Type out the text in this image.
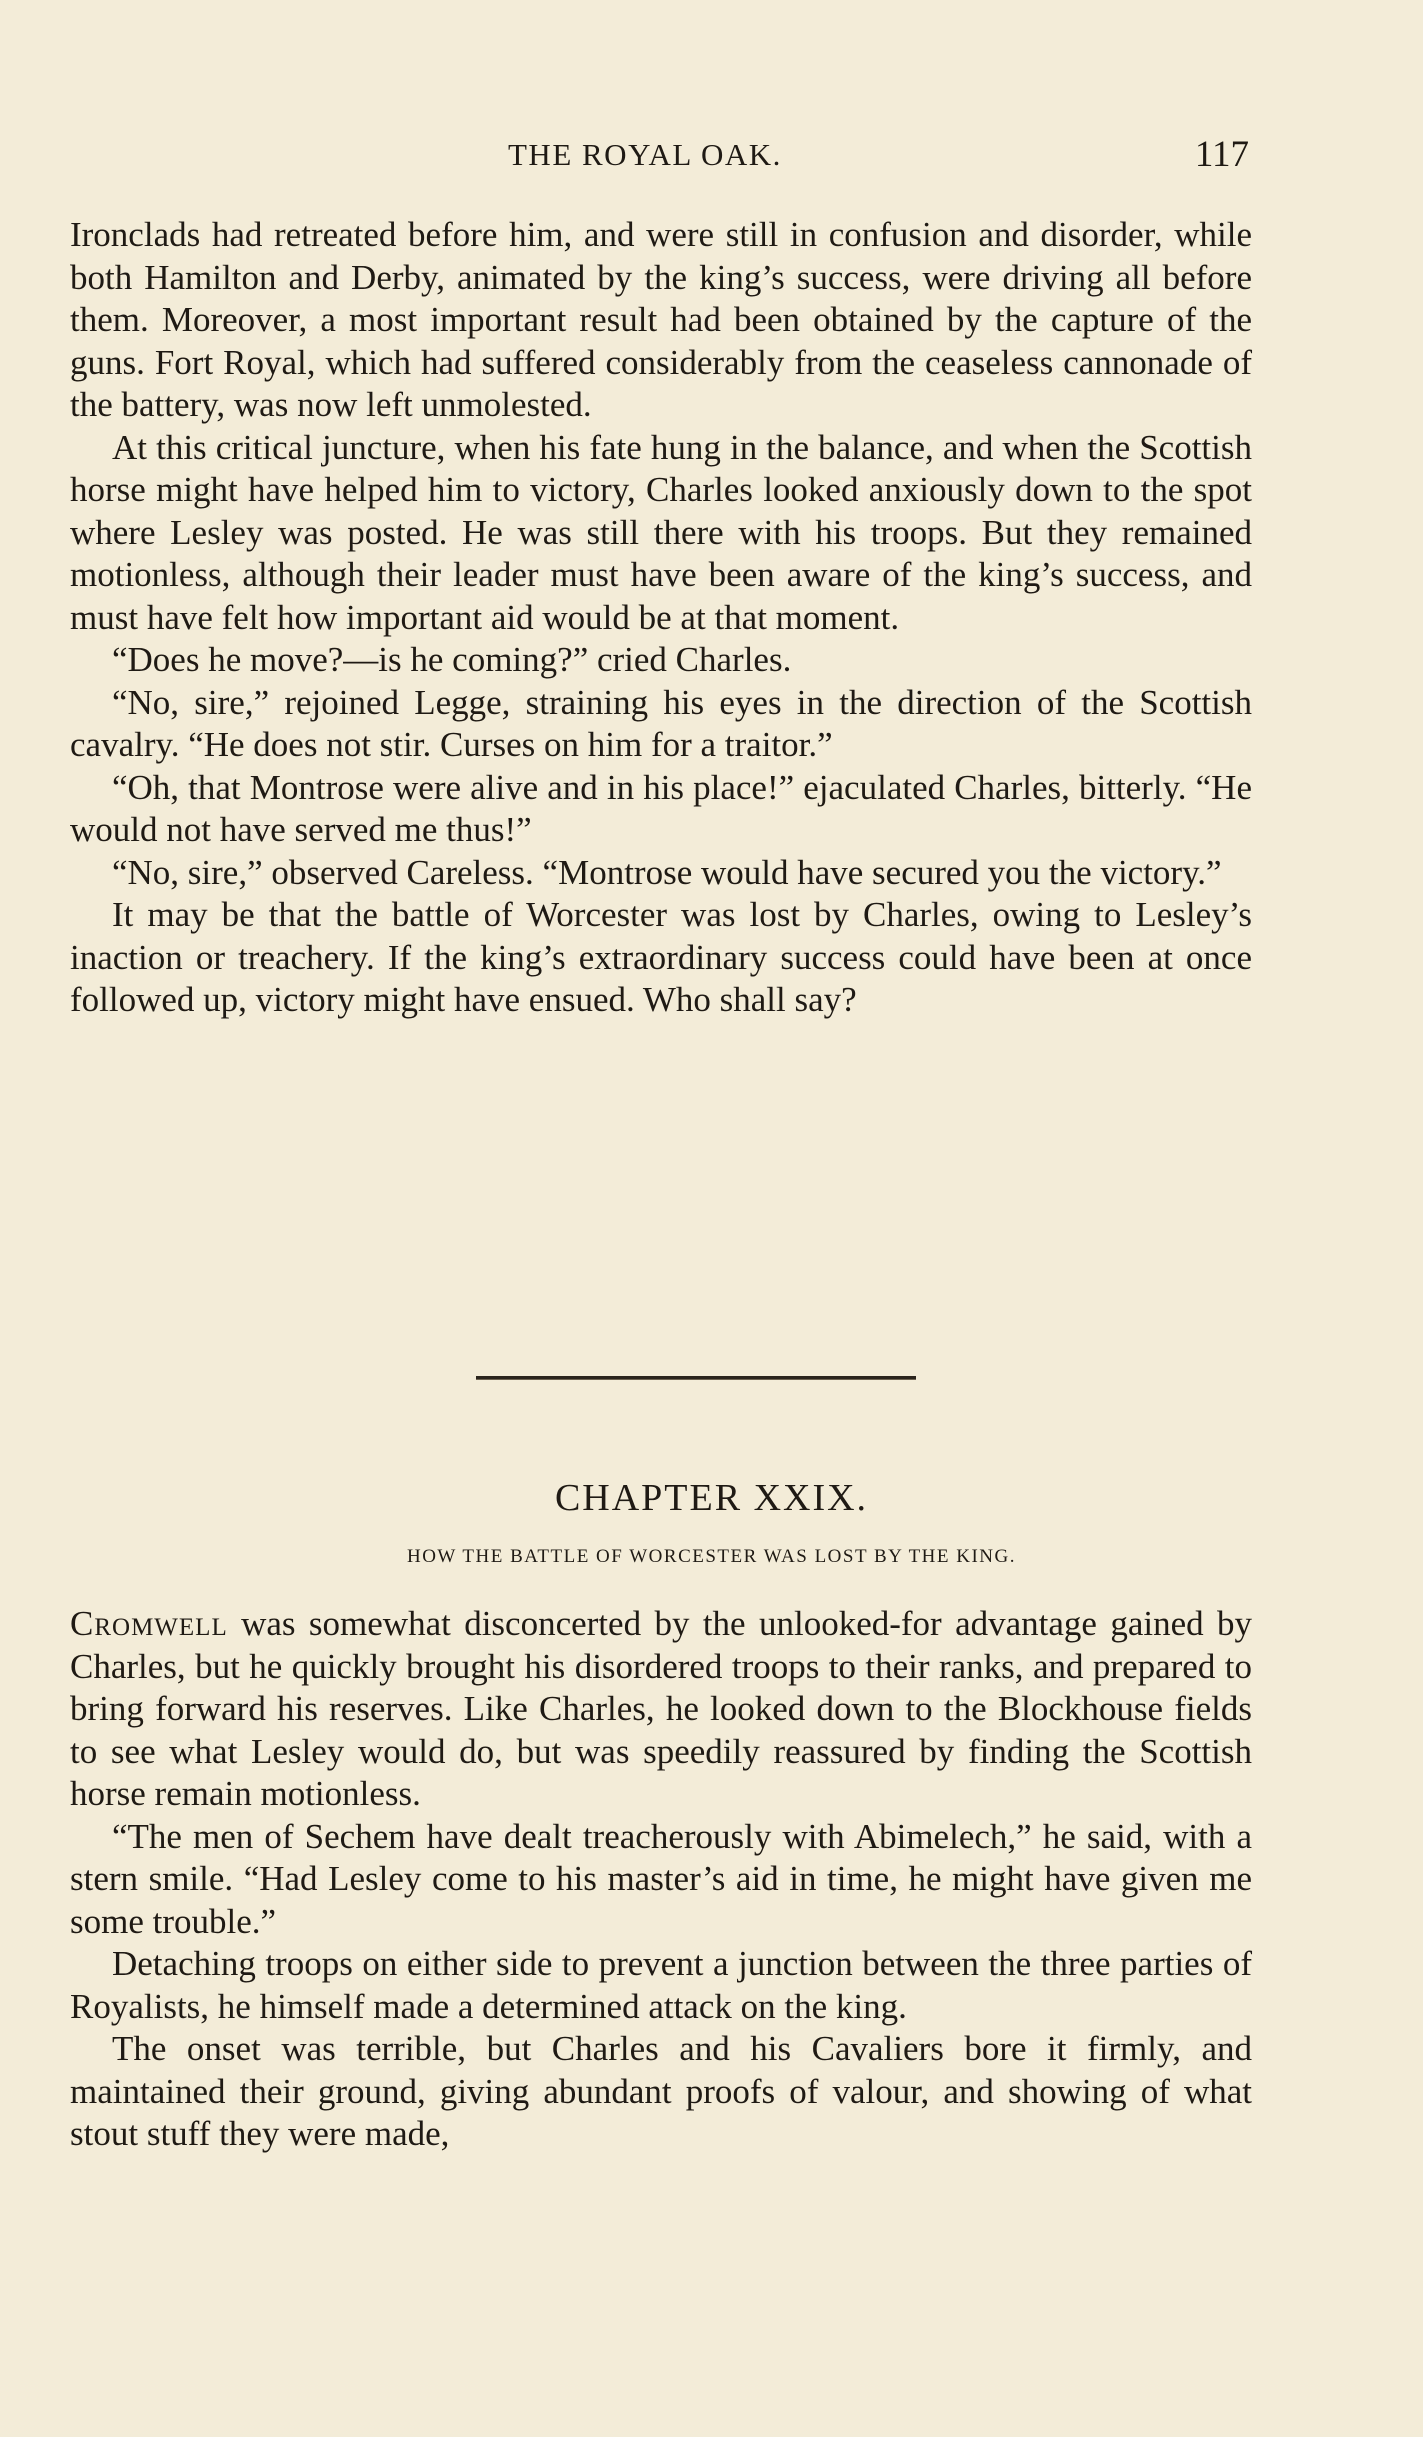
THE ROYAL OAK.	117

Ironclads had retreated before him, and were still in confusion and disorder, while both Hamilton and Derby, animated by the king’s success, were driving all before them. Moreover, a most important result had been obtained by the capture of the guns. Fort Royal, which had suffered considerably from the ceaseless cannonade of the battery, was now left unmolested.

At this critical juncture, when his fate hung in the balance, and when the Scottish horse might have helped him to victory, Charles looked anxiously down to the spot where Lesley was posted. He was still there with his troops. But they remained motionless, although their leader must have been aware of the king’s success, and must have felt how important aid would be at that moment.

“Does he move?—is he coming?” cried Charles.

“No, sire,” rejoined Legge, straining his eyes in the direction of the Scottish cavalry. “He does not stir. Curses on him for a traitor.”

“Oh, that Montrose were alive and in his place!” ejaculated Charles, bitterly. “He would not have served me thus!”

“No, sire,” observed Careless. “Montrose would have secured you the victory.”

It may be that the battle of Worcester was lost by Charles, owing to Lesley’s inaction or treachery. If the king’s extraordinary success could have been at once followed up, victory might have ensued. Who shall say?

CHAPTER XXIX.
HOW THE BATTLE OF WORCESTER WAS LOST BY THE KING.

Cromwell was somewhat disconcerted by the unlooked-for advantage gained by Charles, but he quickly brought his disordered troops to their ranks, and prepared to bring forward his reserves. Like Charles, he looked down to the Blockhouse fields to see what Lesley would do, but was speedily reassured by finding the Scottish horse remain motionless.

“The men of Sechem have dealt treacherously with Abimelech,” he said, with a stern smile. “Had Lesley come to his master’s aid in time, he might have given me some trouble.”

Detaching troops on either side to prevent a junction between the three parties of Royalists, he himself made a determined attack on the king.

The onset was terrible, but Charles and his Cavaliers bore it firmly, and maintained their ground, giving abundant proofs of valour, and showing of what stout stuff they were made,
